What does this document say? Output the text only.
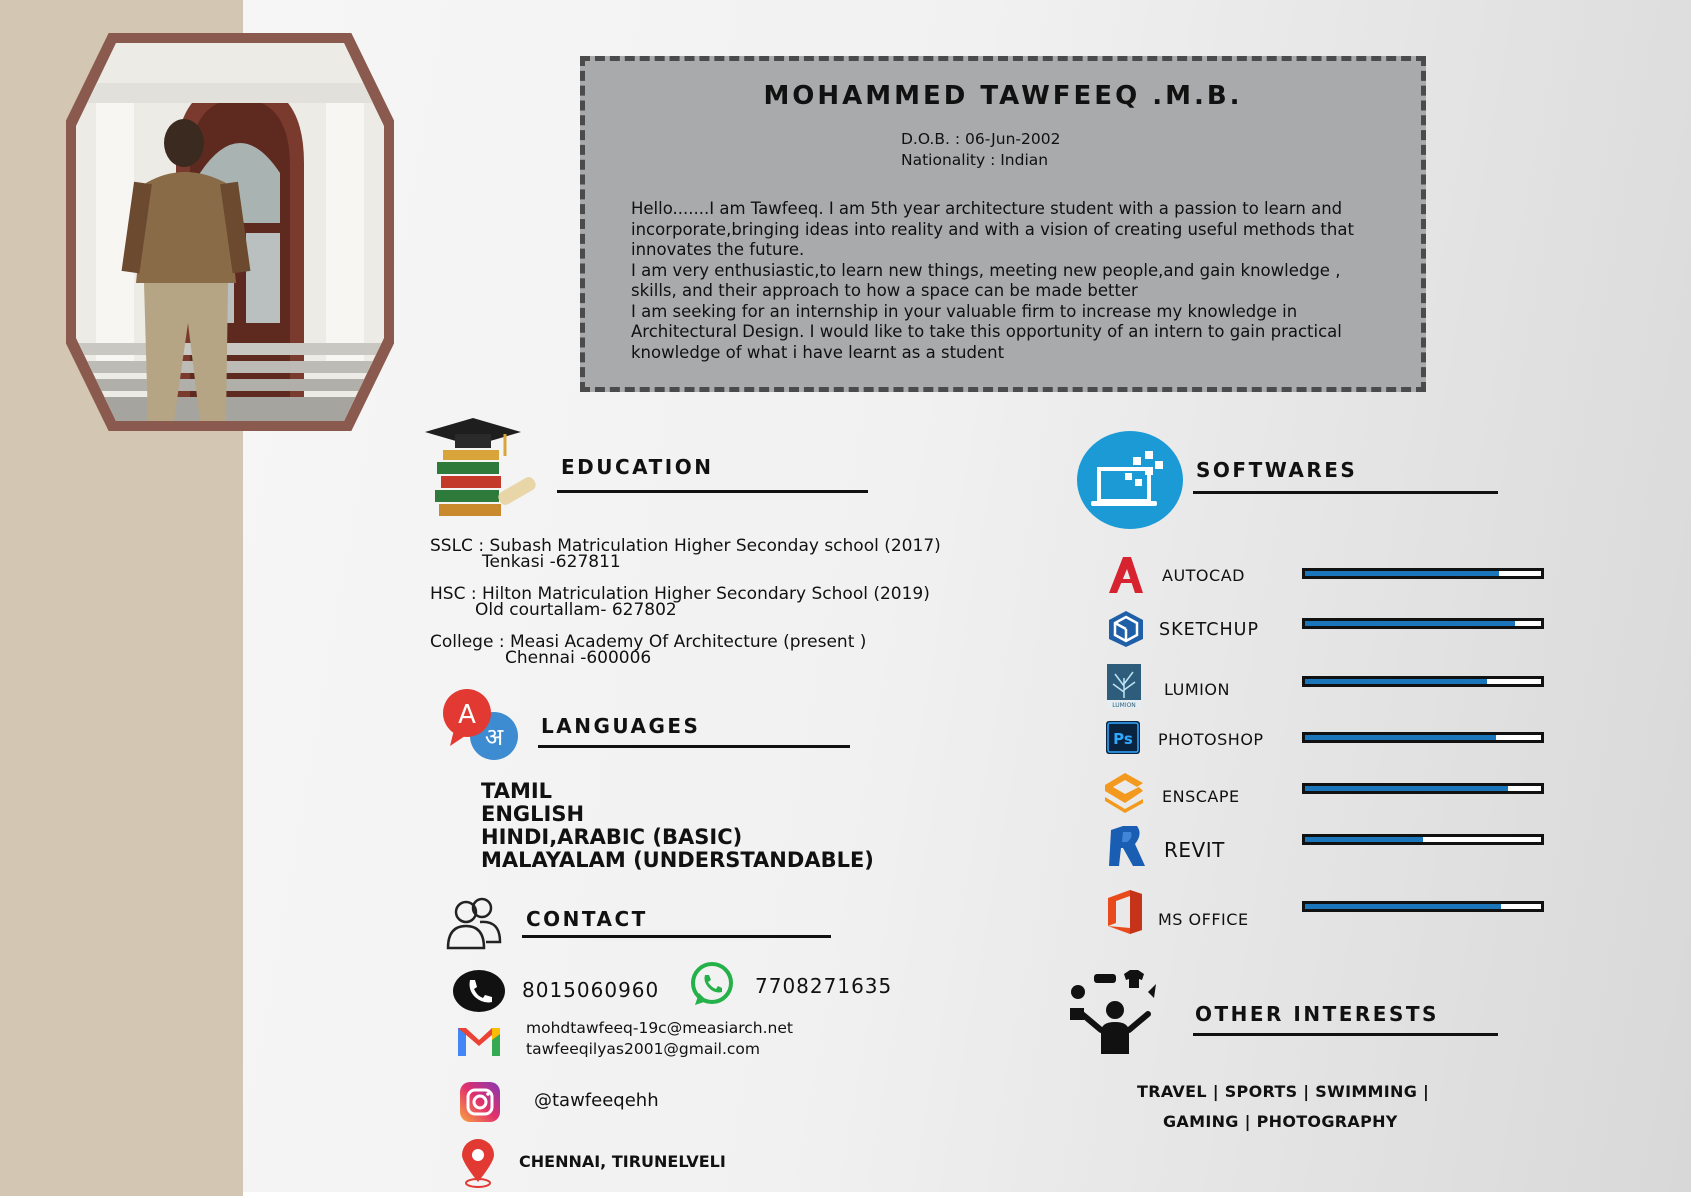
MOHAMMED TAWFEEQ .M.B.
D.O.B. : 06-Jun-2002
Nationality : Indian

Hello.......I am Tawfeeq. I am 5th year architecture student with a passion to learn and incorporate,bringing ideas into reality and with a vision of creating useful methods that innovates the future.

I am very enthusiastic,to learn new things, meeting new people,and gain knowledge , skills, and their approach to how a space can be made better

I am seeking for an internship in your valuable firm to increase my knowledge in Architectural Design. I would like to take this opportunity of an intern to gain practical knowledge of what i have learnt as a student

EDUCATION
SSLC : Subash Matriculation Higher Seconday school (2017)
Tenkasi -627811
HSC : Hilton Matriculation Higher Secondary School (2019)
Old courtallam- 627802
College : Measi Academy Of Architecture (present )
Chennai -600006
अ
A	LANGUAGES
TAMIL
ENGLISH
HINDI,ARABIC (BASIC)
MALAYALAM (UNDERSTANDABLE)
CONTACT
8015060960	7708271635
mohdtawfeeq-19c@measiarch.net
tawfeeqilyas2001@gmail.com
@tawfeeqehh
CHENNAI, TIRUNELVELI
SOFTWARES
AUTOCAD
SKETCHUP
LUMION
LUMION
Ps PHOTOSHOP
ENSCAPE
REVIT
MS OFFICE
OTHER INTERESTS
TRAVEL | SPORTS | SWIMMING |
GAMING | PHOTOGRAPHY
